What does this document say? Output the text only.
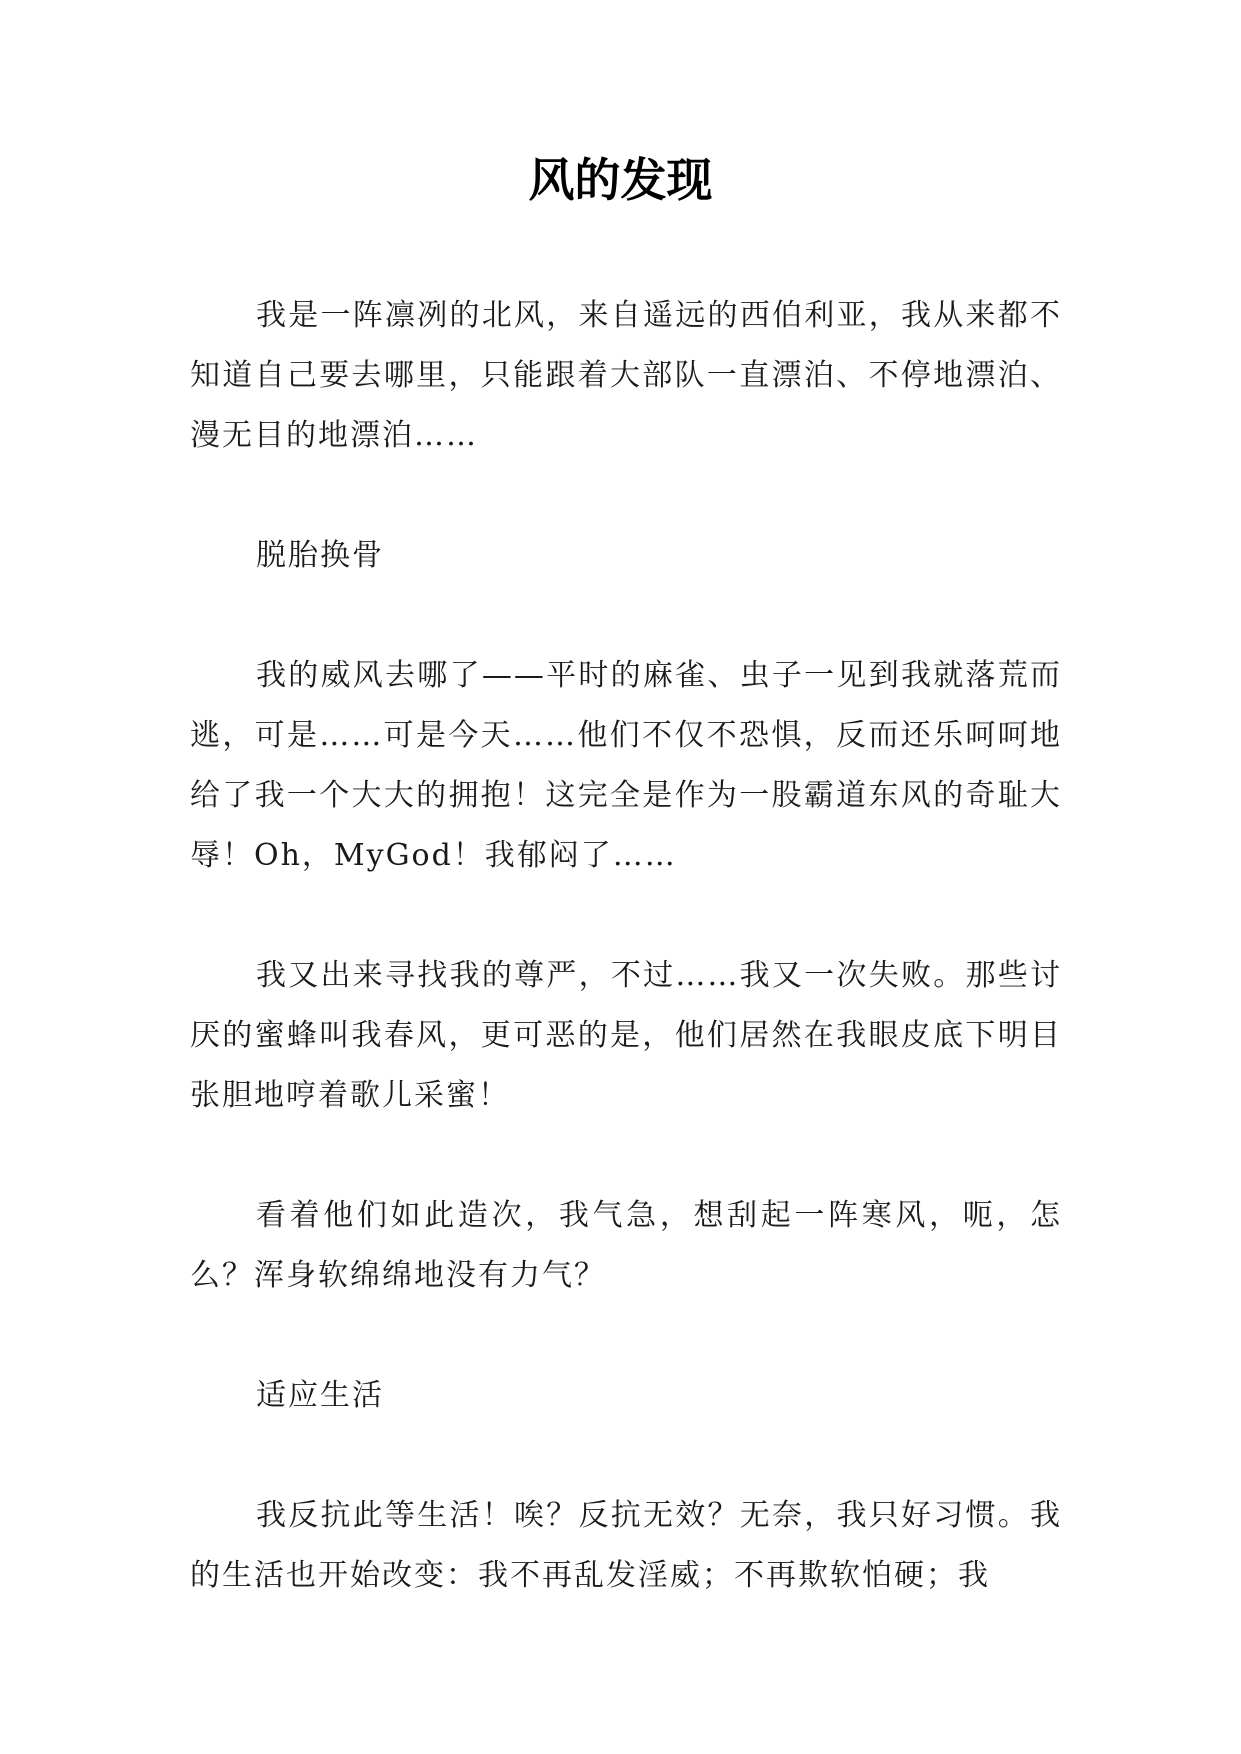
风的发现

我是一阵凛冽的北风，来自遥远的西伯利亚，我从来都不知道自己要去哪里，只能跟着大部队一直漂泊、不停地漂泊、漫无目的地漂泊……

脱胎换骨

我的威风去哪了——平时的麻雀、虫子一见到我就落荒而逃，可是……可是今天……他们不仅不恐惧，反而还乐呵呵地给了我一个大大的拥抱！这完全是作为一股霸道东风的奇耻大辱！Oh，MyGod！我郁闷了……

我又出来寻找我的尊严，不过……我又一次失败。那些讨厌的蜜蜂叫我春风，更可恶的是，他们居然在我眼皮底下明目张胆地哼着歌儿采蜜！

看着他们如此造次，我气急，想刮起一阵寒风，呃，怎么？浑身软绵绵地没有力气？

适应生活

我反抗此等生活！唉？反抗无效？无奈，我只好习惯。我的生活也开始改变：我不再乱发淫威；不再欺软怕硬；我
